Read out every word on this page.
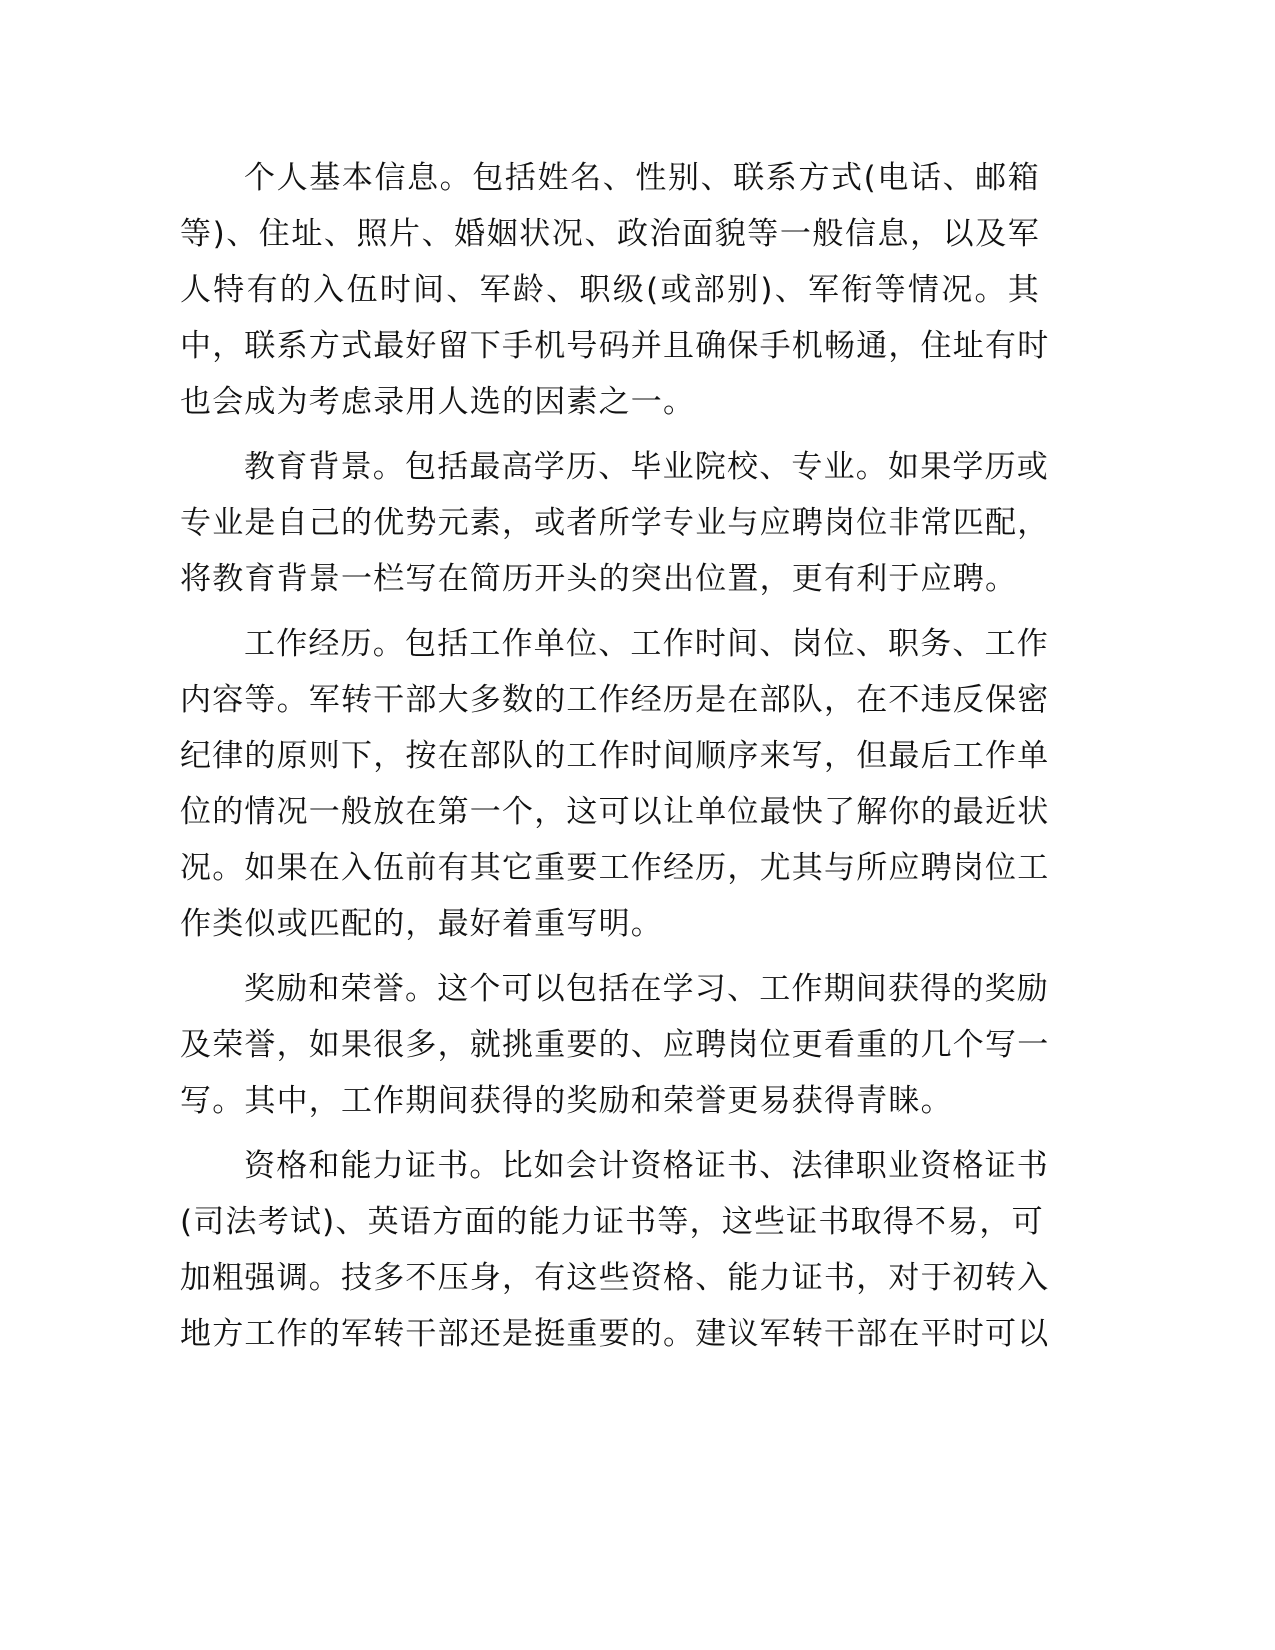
个人基本信息。包括姓名、性别、联系方式(电话、邮箱
等)、住址、照片、婚姻状况、政治面貌等一般信息，以及军
人特有的入伍时间、军龄、职级(或部别)、军衔等情况。其
中，联系方式最好留下手机号码并且确保手机畅通，住址有时
也会成为考虑录用人选的因素之一。

教育背景。包括最高学历、毕业院校、专业。如果学历或
专业是自己的优势元素，或者所学专业与应聘岗位非常匹配，
将教育背景一栏写在简历开头的突出位置，更有利于应聘。

工作经历。包括工作单位、工作时间、岗位、职务、工作
内容等。军转干部大多数的工作经历是在部队，在不违反保密
纪律的原则下，按在部队的工作时间顺序来写，但最后工作单
位的情况一般放在第一个，这可以让单位最快了解你的最近状
况。如果在入伍前有其它重要工作经历，尤其与所应聘岗位工
作类似或匹配的，最好着重写明。

奖励和荣誉。这个可以包括在学习、工作期间获得的奖励
及荣誉，如果很多，就挑重要的、应聘岗位更看重的几个写一
写。其中，工作期间获得的奖励和荣誉更易获得青睐。

资格和能力证书。比如会计资格证书、法律职业资格证书
(司法考试)、英语方面的能力证书等，这些证书取得不易，可
加粗强调。技多不压身，有这些资格、能力证书，对于初转入
地方工作的军转干部还是挺重要的。建议军转干部在平时可以
